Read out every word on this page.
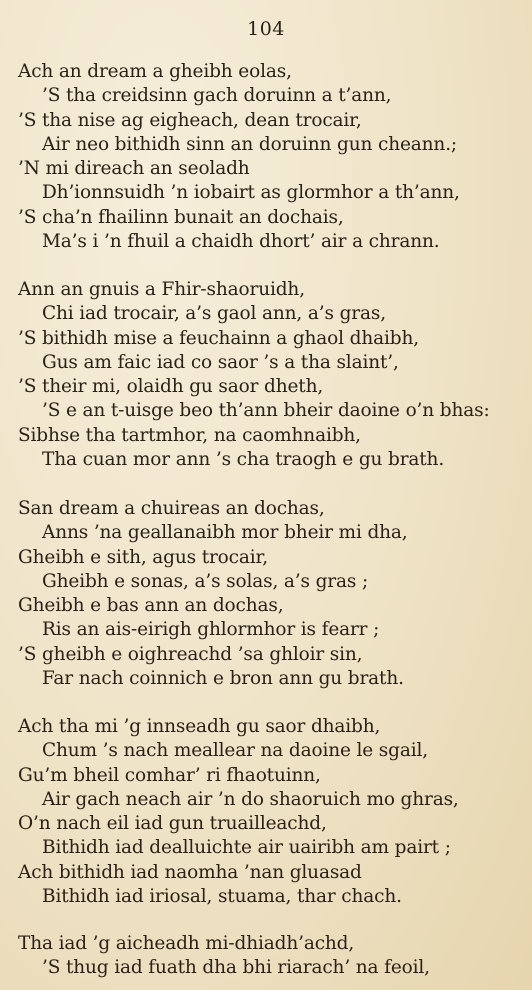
104
Ach an dream a gheibh eolas,
’S tha creidsinn gach doruinn a t’ann,
’S tha nise ag eigheach, dean trocair,
Air neo bithidh sinn an doruinn gun cheann.;
’N mi direach an seoladh
Dh’ionnsuidh ’n iobairt as glormhor a th’ann,
’S cha’n fhailinn bunait an dochais,
Ma’s i ’n fhuil a chaidh dhort’ air a chrann.
Ann an gnuis a Fhir-shaoruidh,
Chi iad trocair, a’s gaol ann, a’s gras,
’S bithidh mise a feuchainn a ghaol dhaibh,
Gus am faic iad co saor ’s a tha slaint’,
’S their mi, olaidh gu saor dheth,
’S e an t-uisge beo th’ann bheir daoine o’n bhas:
Sibhse tha tartmhor, na caomhnaibh,
Tha cuan mor ann ’s cha traogh e gu brath.
San dream a chuireas an dochas,
Anns ’na geallanaibh mor bheir mi dha,
Gheibh e sith, agus trocair,
Gheibh e sonas, a’s solas, a’s gras ;
Gheibh e bas ann an dochas,
Ris an ais-eirigh ghlormhor is fearr ;
’S gheibh e oighreachd ’sa ghloir sin,
Far nach coinnich e bron ann gu brath.
Ach tha mi ’g innseadh gu saor dhaibh,
Chum ’s nach meallear na daoine le sgail,
Gu’m bheil comhar’ ri fhaotuinn,
Air gach neach air ’n do shaoruich mo ghras,
O’n nach eil iad gun truailleachd,
Bithidh iad dealluichte air uairibh am pairt ;
Ach bithidh iad naomha ’nan gluasad
Bithidh iad iriosal, stuama, thar chach.
Tha iad ’g aicheadh mi-dhiadh’achd,
’S thug iad fuath dha bhi riarach’ na feoil,
